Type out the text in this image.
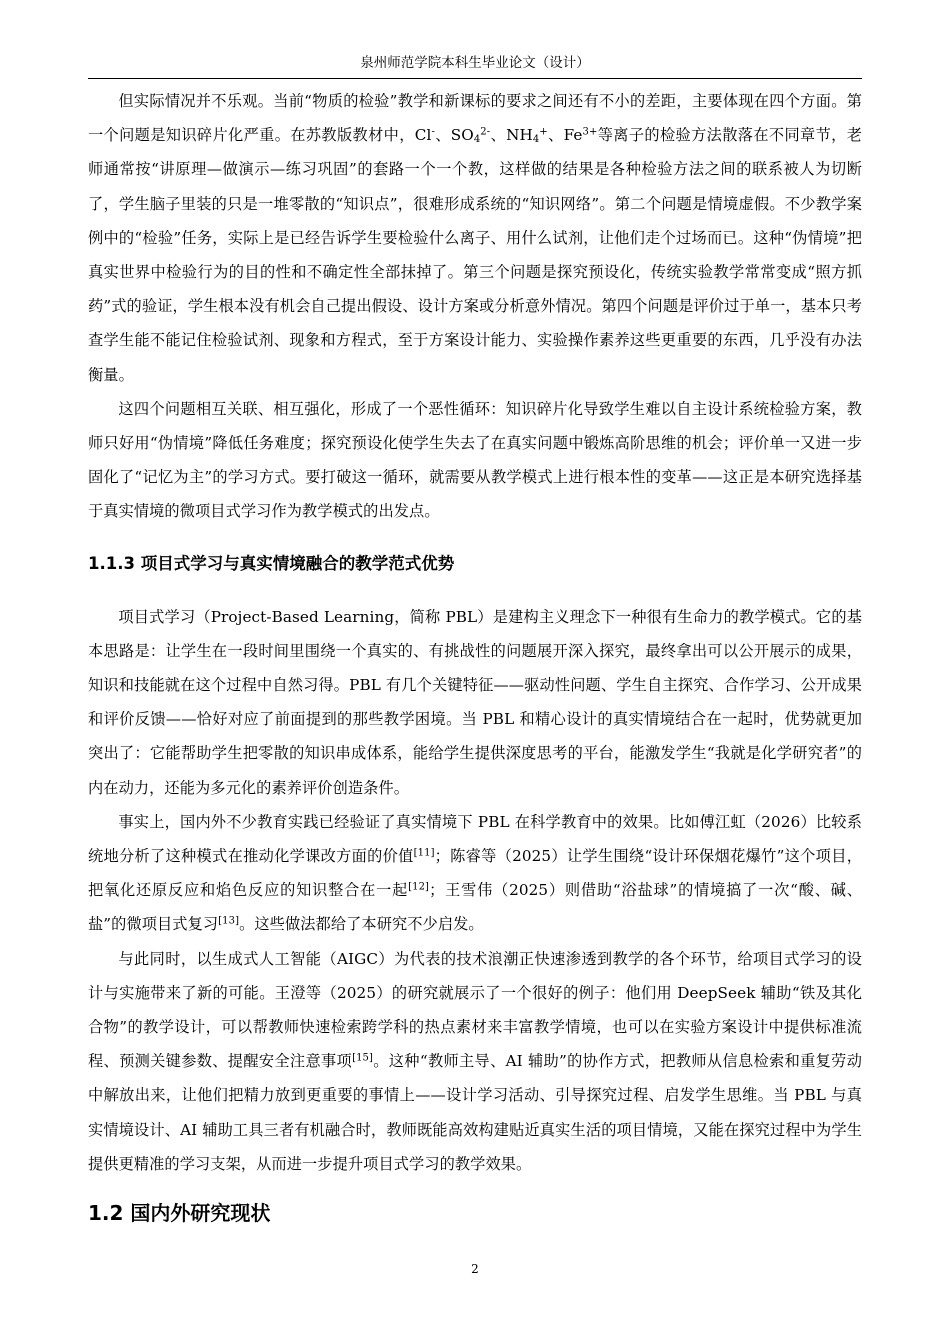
泉州师范学院本科生毕业论文（设计）

但实际情况并不乐观。当前“物质的检验”教学和新课标的要求之间还有不小的差距，主要体现在四个方面。第一个问题是知识碎片化严重。在苏教版教材中，Cl-、$SO_4^{2-}$、$NH_4^+$、$Fe^{3+}$等离子的检验方法散落在不同章节，老师通常按“讲原理—做演示—练习巩固”的套路一个一个教，这样做的结果是各种检验方法之间的联系被人为切断了，学生脑子里装的只是一堆零散的“知识点”，很难形成系统的“知识网络”。第二个问题是情境虚假。不少教学案例中的“检验”任务，实际上是已经告诉学生要检验什么离子、用什么试剂，让他们走个过场而已。这种“伪情境”把真实世界中检验行为的目的性和不确定性全部抹掉了。第三个问题是探究预设化，传统实验教学常常变成“照方抓药”式的验证，学生根本没有机会自己提出假设、设计方案或分析意外情况。第四个问题是评价过于单一，基本只考查学生能不能记住检验试剂、现象和方程式，至于方案设计能力、实验操作素养这些更重要的东西，几乎没有办法衡量。

这四个问题相互关联、相互强化，形成了一个恶性循环：知识碎片化导致学生难以自主设计系统检验方案，教师只好用“伪情境”降低任务难度；探究预设化使学生失去了在真实问题中锻炼高阶思维的机会；评价单一又进一步固化了“记忆为主”的学习方式。要打破这一循环，就需要从教学模式上进行根本性的变革——这正是本研究选择基于真实情境的微项目式学习作为教学模式的出发点。

1.1.3 项目式学习与真实情境融合的教学范式优势

项目式学习（Project-Based Learning，简称 PBL）是建构主义理念下一种很有生命力的教学模式。它的基本思路是：让学生在一段时间里围绕一个真实的、有挑战性的问题展开深入探究，最终拿出可以公开展示的成果，知识和技能就在这个过程中自然习得。PBL 有几个关键特征——驱动性问题、学生自主探究、合作学习、公开成果和评价反馈——恰好对应了前面提到的那些教学困境。当 PBL 和精心设计的真实情境结合在一起时，优势就更加突出了：它能帮助学生把零散的知识串成体系，能给学生提供深度思考的平台，能激发学生“我就是化学研究者”的内在动力，还能为多元化的素养评价创造条件。

事实上，国内外不少教育实践已经验证了真实情境下 PBL 在科学教育中的效果。比如傅江虹（2026）比较系统地分析了这种模式在推动化学课改方面的价值[11]；陈睿等（2025）让学生围绕“设计环保烟花爆竹”这个项目，把氧化还原反应和焰色反应的知识整合在一起[12]；王雪伟（2025）则借助“浴盐球”的情境搞了一次“酸、碱、盐”的微项目式复习[13]。这些做法都给了本研究不少启发。

与此同时，以生成式人工智能（AIGC）为代表的技术浪潮正快速渗透到教学的各个环节，给项目式学习的设计与实施带来了新的可能。王澄等（2025）的研究就展示了一个很好的例子：他们用 DeepSeek 辅助“铁及其化合物”的教学设计，可以帮教师快速检索跨学科的热点素材来丰富教学情境，也可以在实验方案设计中提供标准流程、预测关键参数、提醒安全注意事项[15]。这种“教师主导、AI 辅助”的协作方式，把教师从信息检索和重复劳动中解放出来，让他们把精力放到更重要的事情上——设计学习活动、引导探究过程、启发学生思维。当 PBL 与真实情境设计、AI 辅助工具三者有机融合时，教师既能高效构建贴近真实生活的项目情境，又能在探究过程中为学生提供更精准的学习支架，从而进一步提升项目式学习的教学效果。

1.2 国内外研究现状
2
